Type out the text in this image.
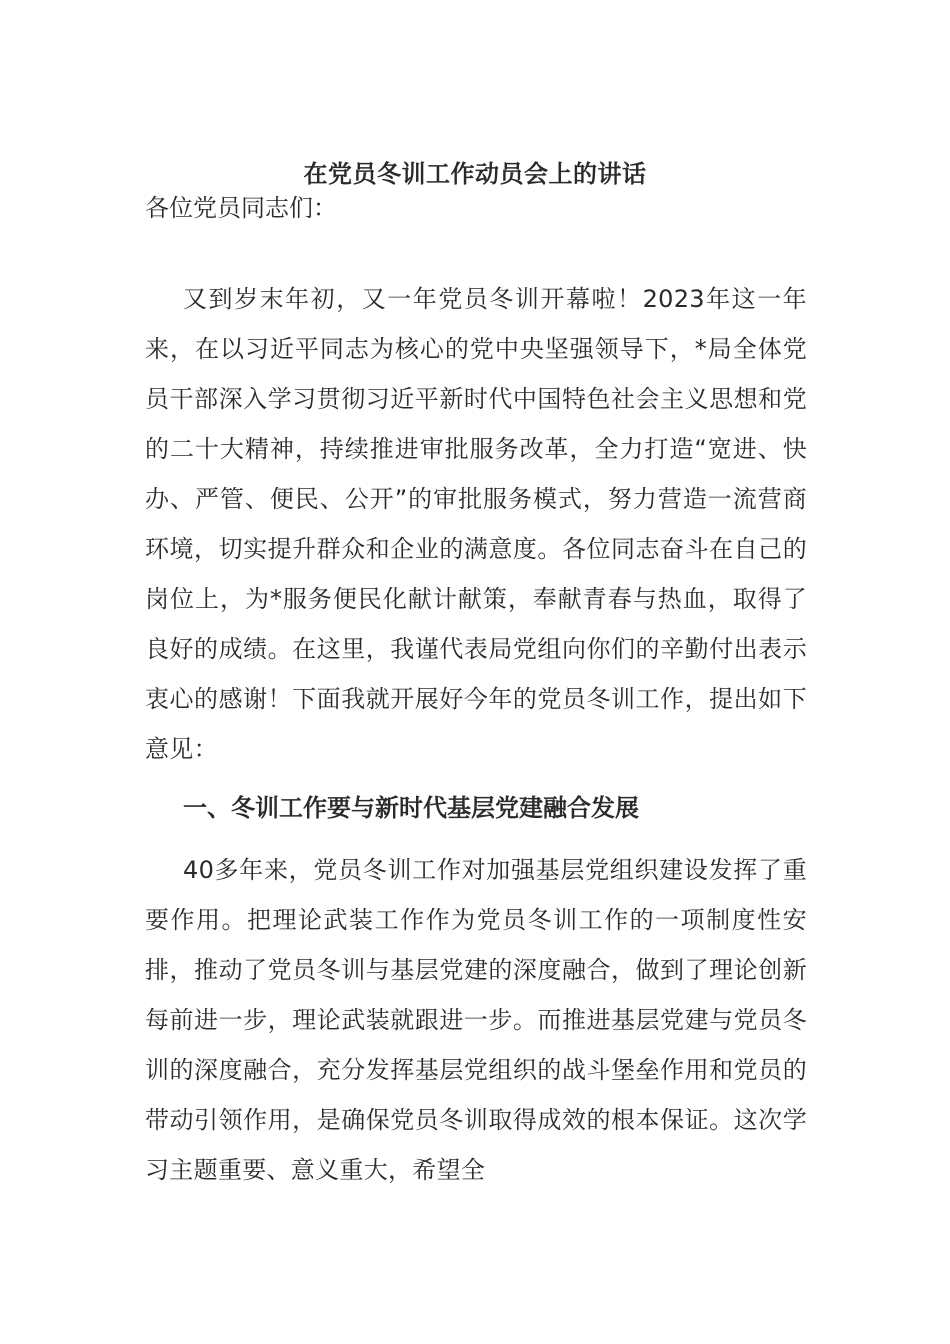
在党员冬训工作动员会上的讲话
各位党员同志们：
又到岁末年初，又一年党员冬训开幕啦！2023年这一年来，在以习近平同志为核心的党中央坚强领导下，*局全体党员干部深入学习贯彻习近平新时代中国特色社会主义思想和党的二十大精神，持续推进审批服务改革，全力打造“宽进、快办、严管、便民、公开”的审批服务模式，努力营造一流营商环境，切实提升群众和企业的满意度。各位同志奋斗在自己的岗位上，为*服务便民化献计献策，奉献青春与热血，取得了良好的成绩。在这里，我谨代表局党组向你们的辛勤付出表示衷心的感谢！下面我就开展好今年的党员冬训工作，提出如下意见：
一、冬训工作要与新时代基层党建融合发展
40多年来，党员冬训工作对加强基层党组织建设发挥了重要作用。把理论武装工作作为党员冬训工作的一项制度性安排，推动了党员冬训与基层党建的深度融合，做到了理论创新每前进一步，理论武装就跟进一步。而推进基层党建与党员冬训的深度融合，充分发挥基层党组织的战斗堡垒作用和党员的带动引领作用，是确保党员冬训取得成效的根本保证。这次学习主题重要、意义重大，希望全
